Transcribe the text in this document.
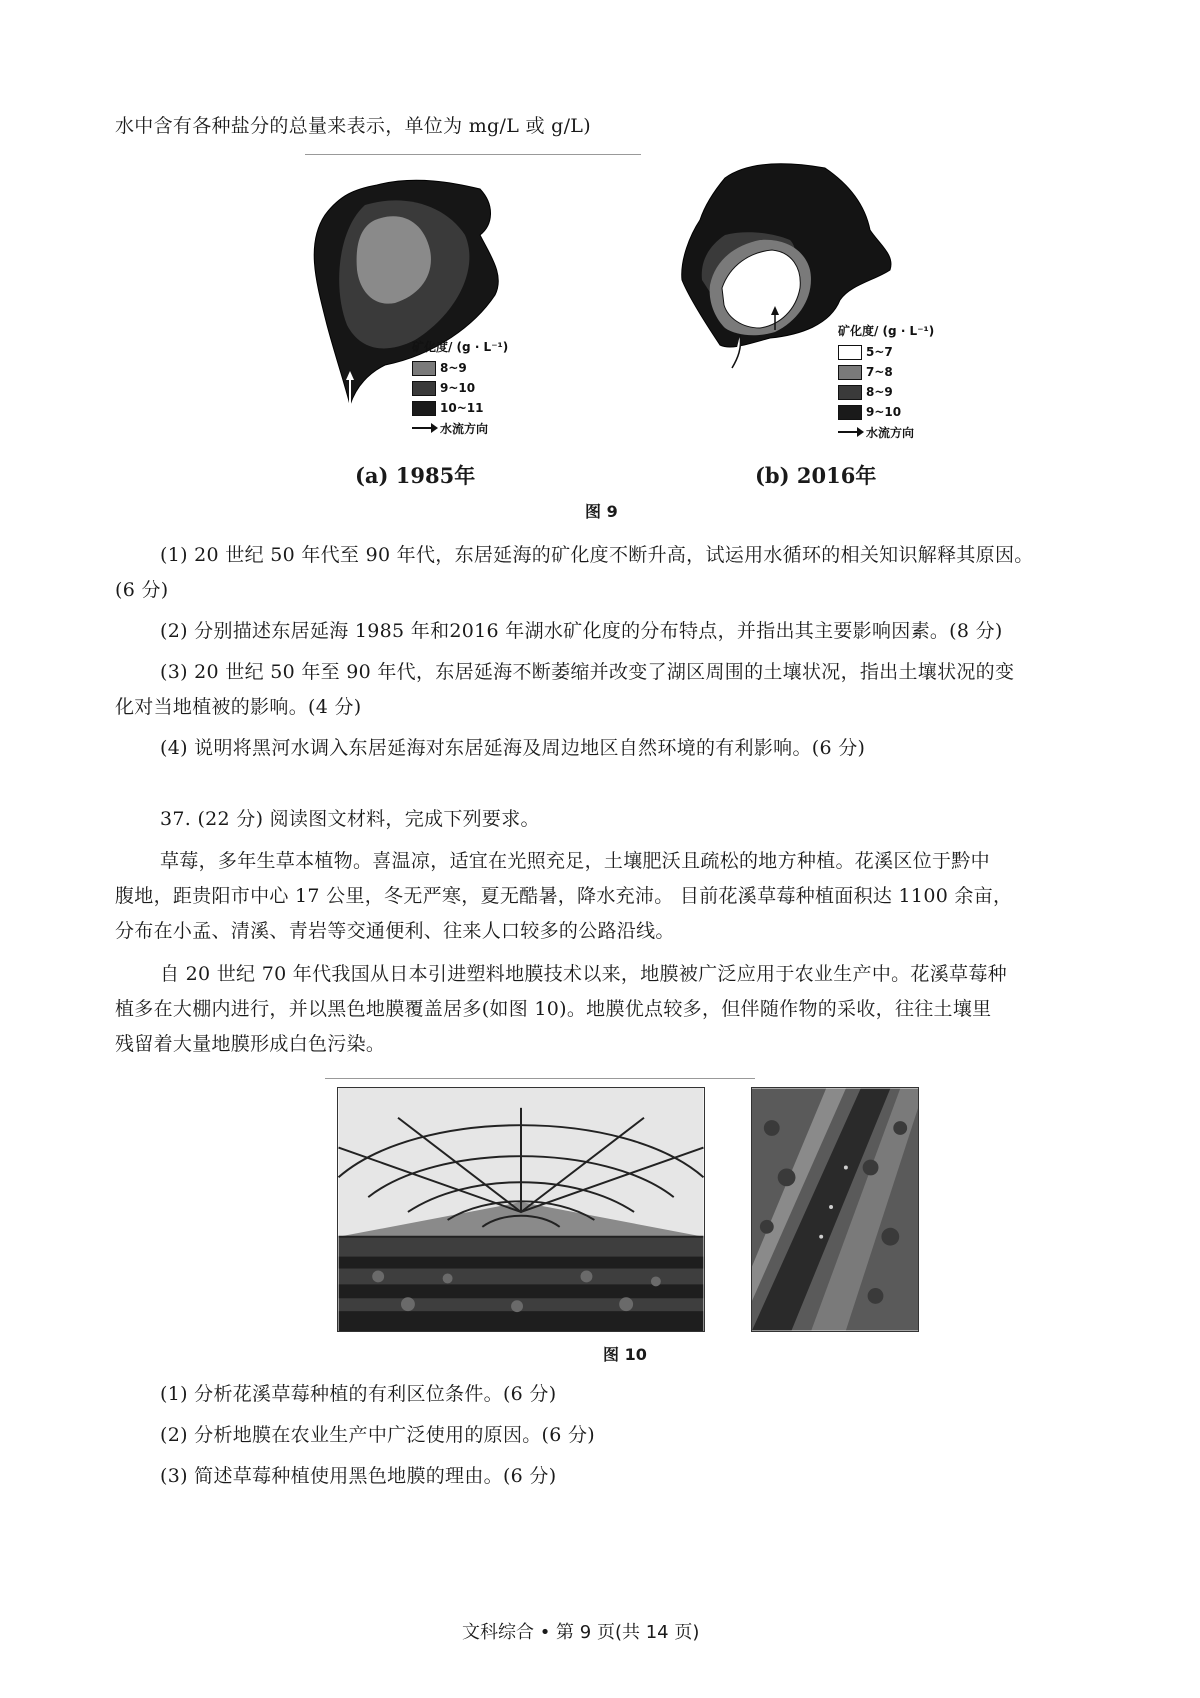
水中含有各种盐分的总量来表示，单位为 mg/L 或 g/L)
矿化度/ (g · L⁻¹)
8~9
9~10
10~11
水流方向
(a) 1985年
矿化度/ (g · L⁻¹)
5~7
7~8
8~9
9~10
水流方向
(b) 2016年
图 9
(1) 20 世纪 50 年代至 90 年代，东居延海的矿化度不断升高，试运用水循环的相关知识解释其原因。
(6 分)
(2) 分别描述东居延海 1985 年和2016 年湖水矿化度的分布特点，并指出其主要影响因素。(8 分)
(3) 20 世纪 50 年至 90 年代，东居延海不断萎缩并改变了湖区周围的土壤状况，指出土壤状况的变
化对当地植被的影响。(4 分)
(4) 说明将黑河水调入东居延海对东居延海及周边地区自然环境的有利影响。(6 分)
37. (22 分) 阅读图文材料，完成下列要求。
草莓，多年生草本植物。喜温凉，适宜在光照充足，土壤肥沃且疏松的地方种植。花溪区位于黔中
腹地，距贵阳市中心 17 公里，冬无严寒，夏无酷暑，降水充沛。 目前花溪草莓种植面积达 1100 余亩，
分布在小孟、清溪、青岩等交通便利、往来人口较多的公路沿线。
自 20 世纪 70 年代我国从日本引进塑料地膜技术以来，地膜被广泛应用于农业生产中。花溪草莓种
植多在大棚内进行，并以黑色地膜覆盖居多(如图 10)。地膜优点较多，但伴随作物的采收，往往土壤里
残留着大量地膜形成白色污染。
图 10
(1) 分析花溪草莓种植的有利区位条件。(6 分)
(2) 分析地膜在农业生产中广泛使用的原因。(6 分)
(3) 简述草莓种植使用黑色地膜的理由。(6 分)
文科综合 • 第 9 页(共 14 页)
